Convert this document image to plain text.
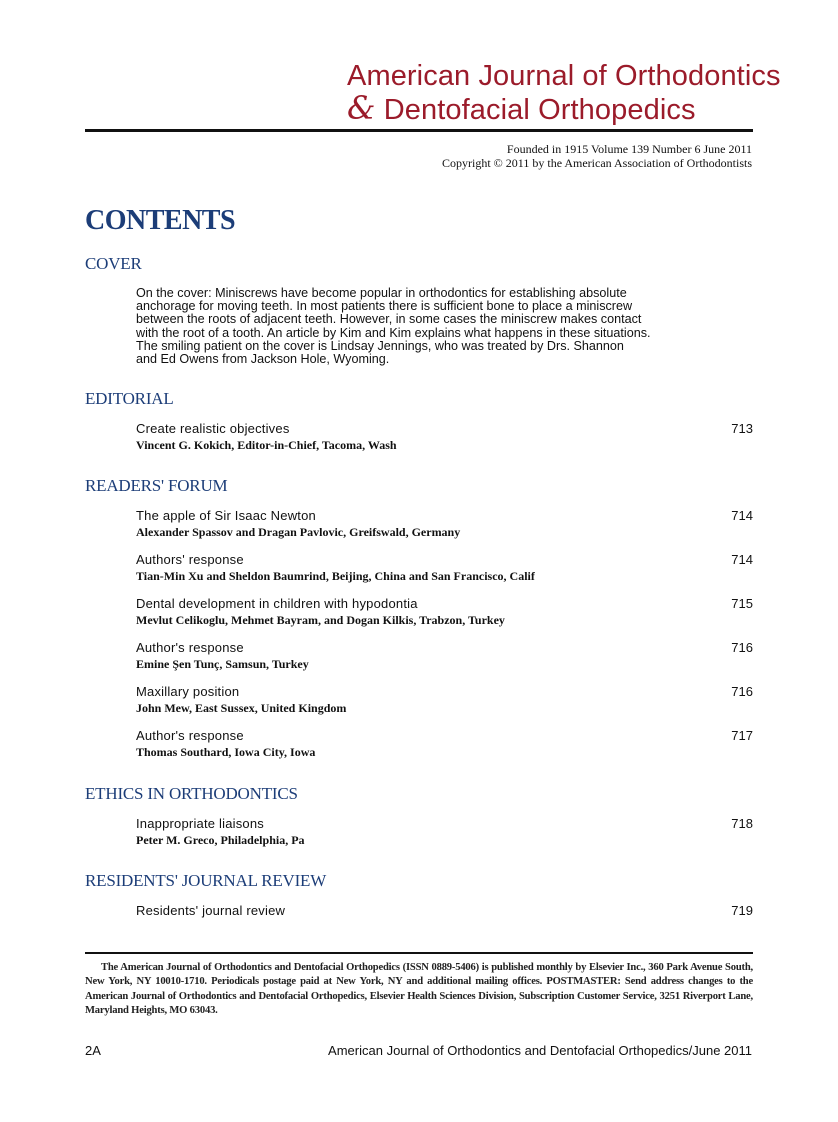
American Journal of Orthodontics
& Dentofacial Orthopedics
Founded in 1915 Volume 139 Number 6 June 2011
Copyright © 2011 by the American Association of Orthodontists
CONTENTS
COVER
On the cover: Miniscrews have become popular in orthodontics for establishing absolute
anchorage for moving teeth. In most patients there is sufficient bone to place a miniscrew
between the roots of adjacent teeth. However, in some cases the miniscrew makes contact
with the root of a tooth. An article by Kim and Kim explains what happens in these situations.
The smiling patient on the cover is Lindsay Jennings, who was treated by Drs. Shannon
and Ed Owens from Jackson Hole, Wyoming.
EDITORIAL
Create realistic objectives
Vincent G. Kokich, Editor-in-Chief, Tacoma, Wash
713
READERS' FORUM
The apple of Sir Isaac Newton
Alexander Spassov and Dragan Pavlovic, Greifswald, Germany
714
Authors' response
Tian-Min Xu and Sheldon Baumrind, Beijing, China and San Francisco, Calif
714
Dental development in children with hypodontia
Mevlut Celikoglu, Mehmet Bayram, and Dogan Kilkis, Trabzon, Turkey
715
Author's response
Emine Şen Tunç, Samsun, Turkey
716
Maxillary position
John Mew, East Sussex, United Kingdom
716
Author's response
Thomas Southard, Iowa City, Iowa
717
ETHICS IN ORTHODONTICS
Inappropriate liaisons
Peter M. Greco, Philadelphia, Pa
718
RESIDENTS' JOURNAL REVIEW
Residents' journal review	719
The American Journal of Orthodontics and Dentofacial Orthopedics (ISSN 0889-5406) is published monthly by Elsevier Inc., 360 Park Avenue South, New York, NY 10010-1710. Periodicals postage paid at New York, NY and additional mailing offices. POSTMASTER: Send address changes to the American Journal of Orthodontics and Dentofacial Orthopedics, Elsevier Health Sciences Division, Subscription Customer Service, 3251 Riverport Lane, Maryland Heights, MO 63043.
2A	American Journal of Orthodontics and Dentofacial Orthopedics/June 2011
